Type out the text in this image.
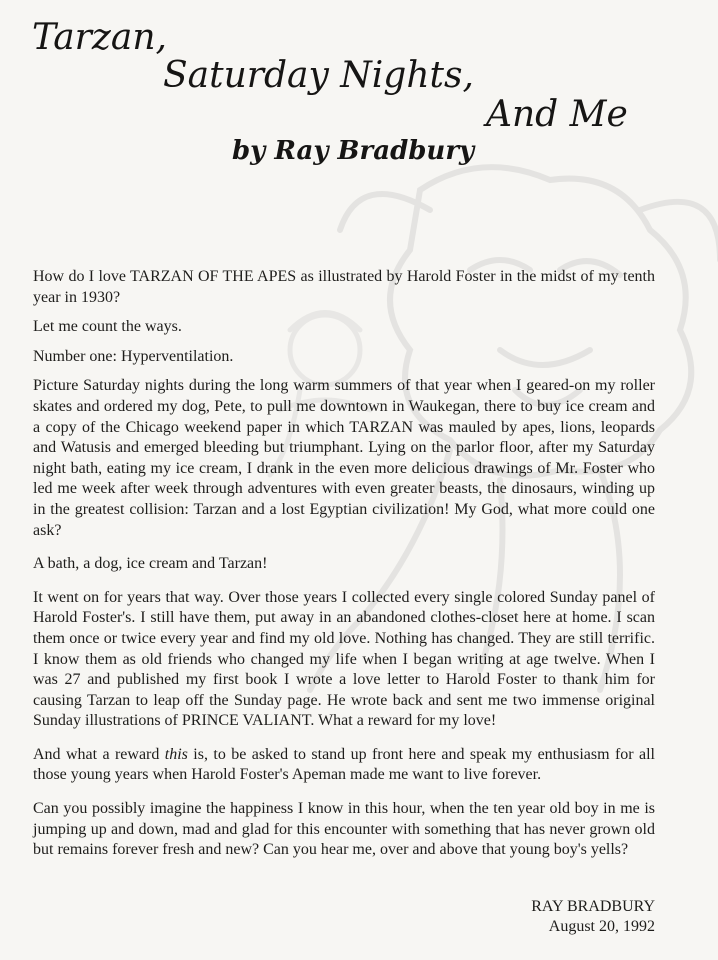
Tarzan,
Saturday Nights,
And Me
by Ray Bradbury

How do I love TARZAN OF THE APES as illustrated by Harold Foster in the midst of my tenth year in 1930?

Let me count the ways.

Number one: Hyperventilation.

Picture Saturday nights during the long warm summers of that year when I geared-on my roller skates and ordered my dog, Pete, to pull me downtown in Waukegan, there to buy ice cream and a copy of the Chicago weekend paper in which TARZAN was mauled by apes, lions, leopards and Watusis and emerged bleeding but triumphant. Lying on the parlor floor, after my Saturday night bath, eating my ice cream, I drank in the even more delicious drawings of Mr. Foster who led me week after week through adventures with even greater beasts, the dinosaurs, winding up in the greatest collision: Tarzan and a lost Egyptian civilization! My God, what more could one ask?

A bath, a dog, ice cream and Tarzan!

It went on for years that way. Over those years I collected every single colored Sunday panel of Harold Foster's. I still have them, put away in an abandoned clothes-closet here at home. I scan them once or twice every year and find my old love. Nothing has changed. They are still terrific. I know them as old friends who changed my life when I began writing at age twelve. When I was 27 and published my first book I wrote a love letter to Harold Foster to thank him for causing Tarzan to leap off the Sunday page. He wrote back and sent me two immense original Sunday illustrations of PRINCE VALIANT. What a reward for my love!

And what a reward this is, to be asked to stand up front here and speak my enthusiasm for all those young years when Harold Foster's Apeman made me want to live forever.

Can you possibly imagine the happiness I know in this hour, when the ten year old boy in me is jumping up and down, mad and glad for this encounter with something that has never grown old but remains forever fresh and new? Can you hear me, over and above that young boy's yells?

RAY BRADBURY
August 20, 1992
